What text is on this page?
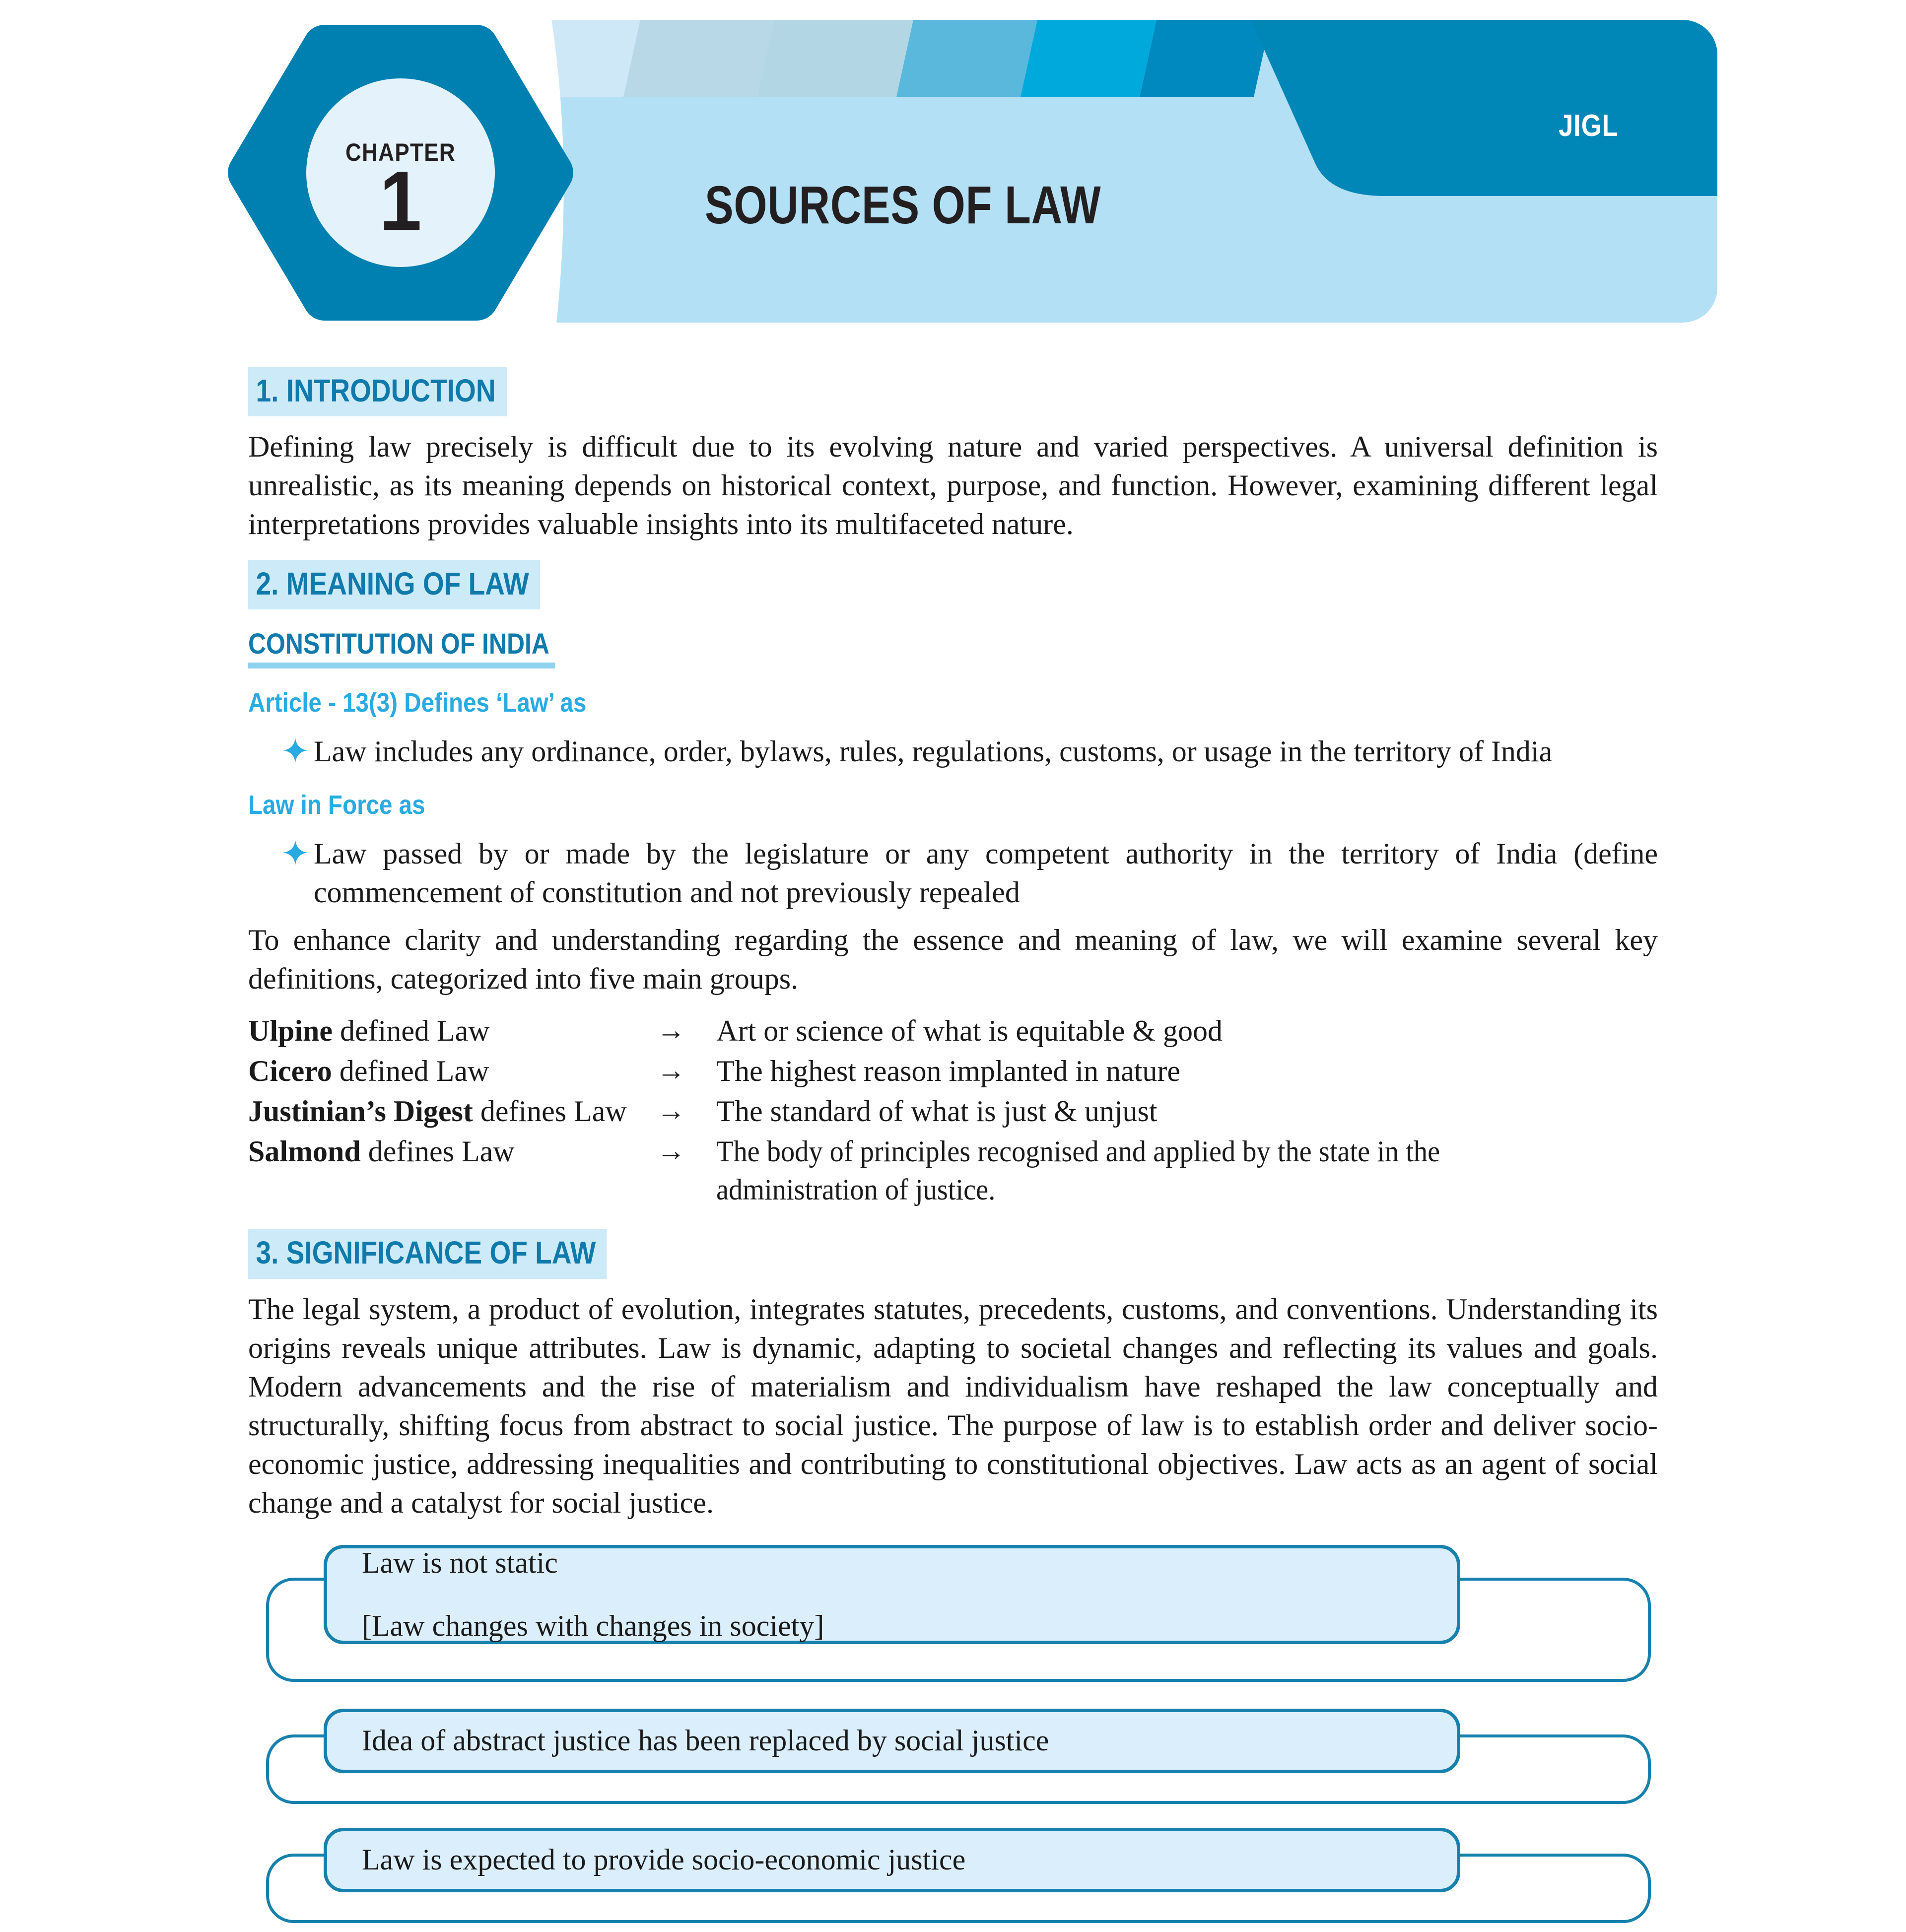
CHAPTER
1	SOURCES OF LAW
JIGL
1. INTRODUCTION

Defining law precisely is difficult due to its evolving nature and varied perspectives. A universal definition is unrealistic, as its meaning depends on historical context, purpose, and function. However, examining different legal interpretations provides valuable insights into its multifaceted nature.

2. MEANING OF LAW
CONSTITUTION OF INDIA
Article - 13(3) Defines ‘Law’ as
Law includes any ordinance, order, bylaws, rules, regulations, customs, or usage in the territory of India
Law in Force as
Law passed by or made by the legislature or any competent authority in the territory of India (define commencement of constitution and not previously repealed

To enhance clarity and understanding regarding the essence and meaning of law, we will examine several key definitions, categorized into five main groups.

Ulpine defined Law	→	Art or science of what is equitable & good
Cicero defined Law	→	The highest reason implanted in nature
Justinian’s Digest defines Law	→	The standard of what is just & unjust
Salmond defines Law	→	The body of principles recognised and applied by the state in the administration of justice.
3. SIGNIFICANCE OF LAW

The legal system, a product of evolution, integrates statutes, precedents, customs, and conventions. Understanding its origins reveals unique attributes. Law is dynamic, adapting to societal changes and reflecting its values and goals. Modern advancements and the rise of materialism and individualism have reshaped the law conceptually and structurally, shifting focus from abstract to social justice. The purpose of law is to establish order and deliver socio-economic justice, addressing inequalities and contributing to constitutional objectives. Law acts as an agent of social change and a catalyst for social justice.

Law is not static
[Law changes with changes in society]
Idea of abstract justice has been replaced by social justice
Law is expected to provide socio-economic justice
